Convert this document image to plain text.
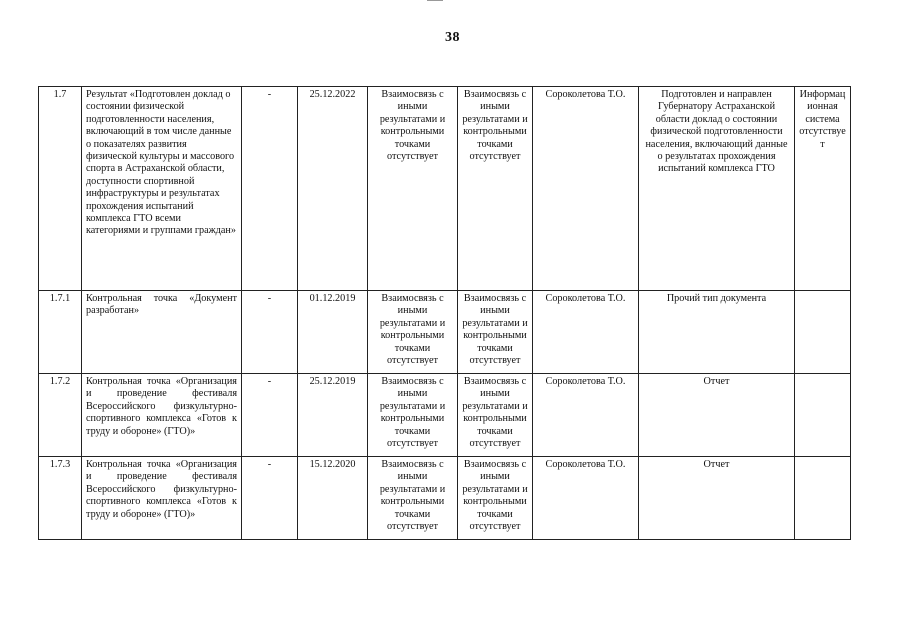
38
1.7	Результат «Подготовлен доклад о состоянии физической подготовленности населения, включающий в том числе данные о показателях развития физической культуры и массового спорта в Астраханской области, доступности спортивной инфраструктуры и результатах прохождения испытаний комплекса ГТО всеми категориями и группами граждан»	-	25.12.2022	Взаимосвязь с иными результатами и контрольными точками отсутствует	Взаимосвязь с иными результатами и контрольными точками отсутствует	Сороколетова Т.О.	Подготовлен и направлен Губернатору Астраханской области доклад о состоянии физической подготовленности населения, включающий данные о результатах прохождения испытаний комплекса ГТО	Информационная система отсутствует
1.7.1	Контрольная точка «Документ разработан»	-	01.12.2019	Взаимосвязь с иными результатами и контрольными точками отсутствует	Взаимосвязь с иными результатами и контрольными точками отсутствует	Сороколетова Т.О.	Прочий тип документа	
1.7.2	Контрольная точка «Организация и проведение фестиваля Всероссийского физкультурно-спортивного комплекса «Готов к труду и обороне» (ГТО)»	-	25.12.2019	Взаимосвязь с иными результатами и контрольными точками отсутствует	Взаимосвязь с иными результатами и контрольными точками отсутствует	Сороколетова Т.О.	Отчет	
1.7.3	Контрольная точка «Организация и проведение фестиваля Всероссийского физкультурно-спортивного комплекса «Готов к труду и обороне» (ГТО)»	-	15.12.2020	Взаимосвязь с иными результатами и контрольными точками отсутствует	Взаимосвязь с иными результатами и контрольными точками отсутствует	Сороколетова Т.О.	Отчет	
